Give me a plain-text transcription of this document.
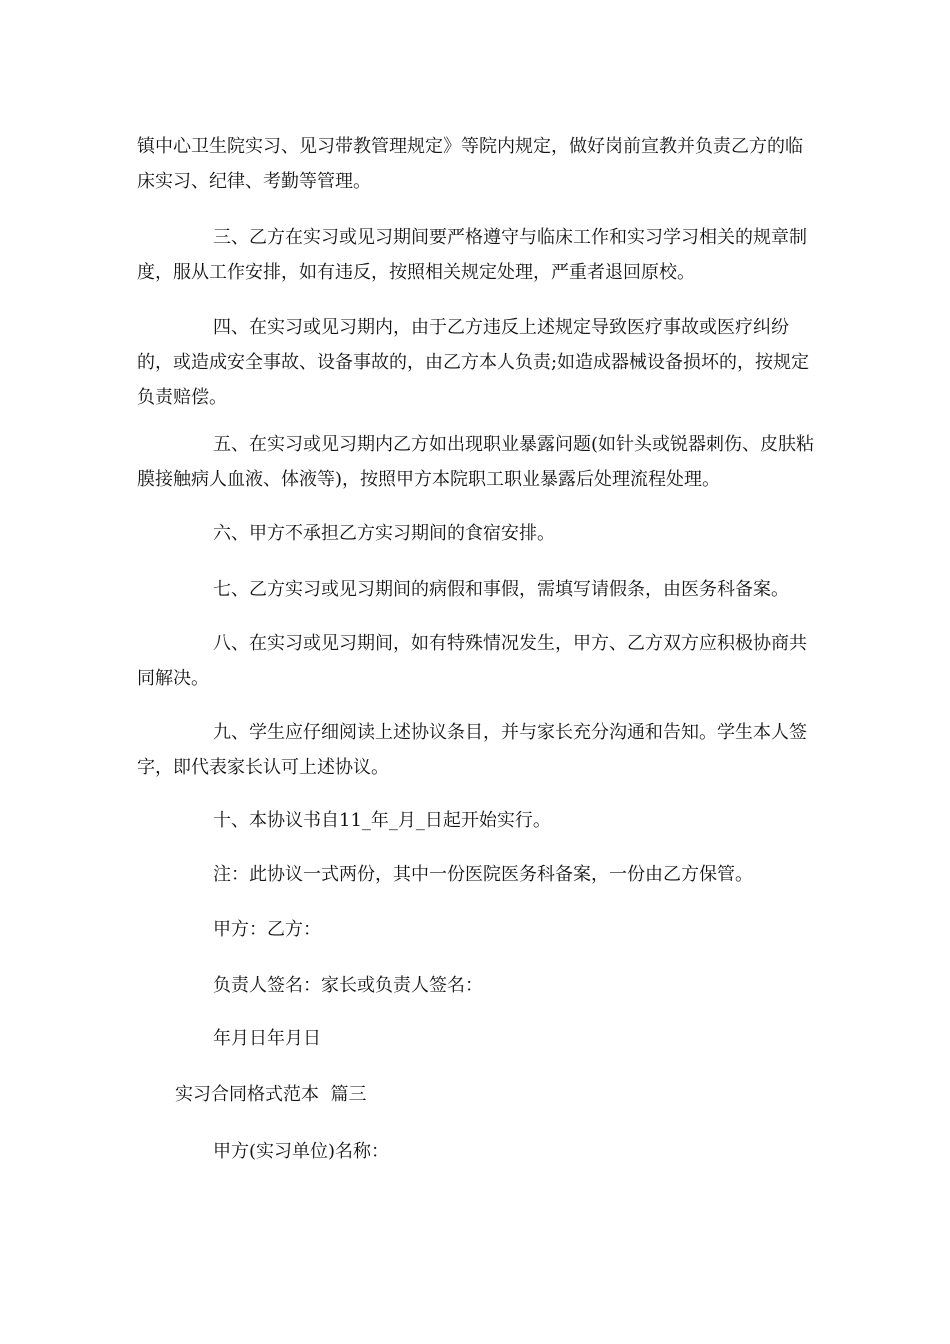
镇中心卫生院实习、见习带教管理规定》等院内规定，做好岗前宣教并负责乙方的临床实习、纪律、考勤等管理。
三、乙方在实习或见习期间要严格遵守与临床工作和实习学习相关的规章制度，服从工作安排，如有违反，按照相关规定处理，严重者退回原校。
四、在实习或见习期内，由于乙方违反上述规定导致医疗事故或医疗纠纷的，或造成安全事故、设备事故的，由乙方本人负责;如造成器械设备损坏的，按规定负责赔偿。
五、在实习或见习期内乙方如出现职业暴露问题(如针头或锐器刺伤、皮肤粘膜接触病人血液、体液等)，按照甲方本院职工职业暴露后处理流程处理。
六、甲方不承担乙方实习期间的食宿安排。
七、乙方实习或见习期间的病假和事假，需填写请假条，由医务科备案。
八、在实习或见习期间，如有特殊情况发生，甲方、乙方双方应积极协商共同解决。
九、学生应仔细阅读上述协议条目，并与家长充分沟通和告知。学生本人签字，即代表家长认可上述协议。
十、本协议书自11_年_月_日起开始实行。
注：此协议一式两份，其中一份医院医务科备案，一份由乙方保管。
甲方：乙方：
负责人签名：家长或负责人签名：
年月日年月日
实习合同格式范本  篇三
甲方(实习单位)名称：
